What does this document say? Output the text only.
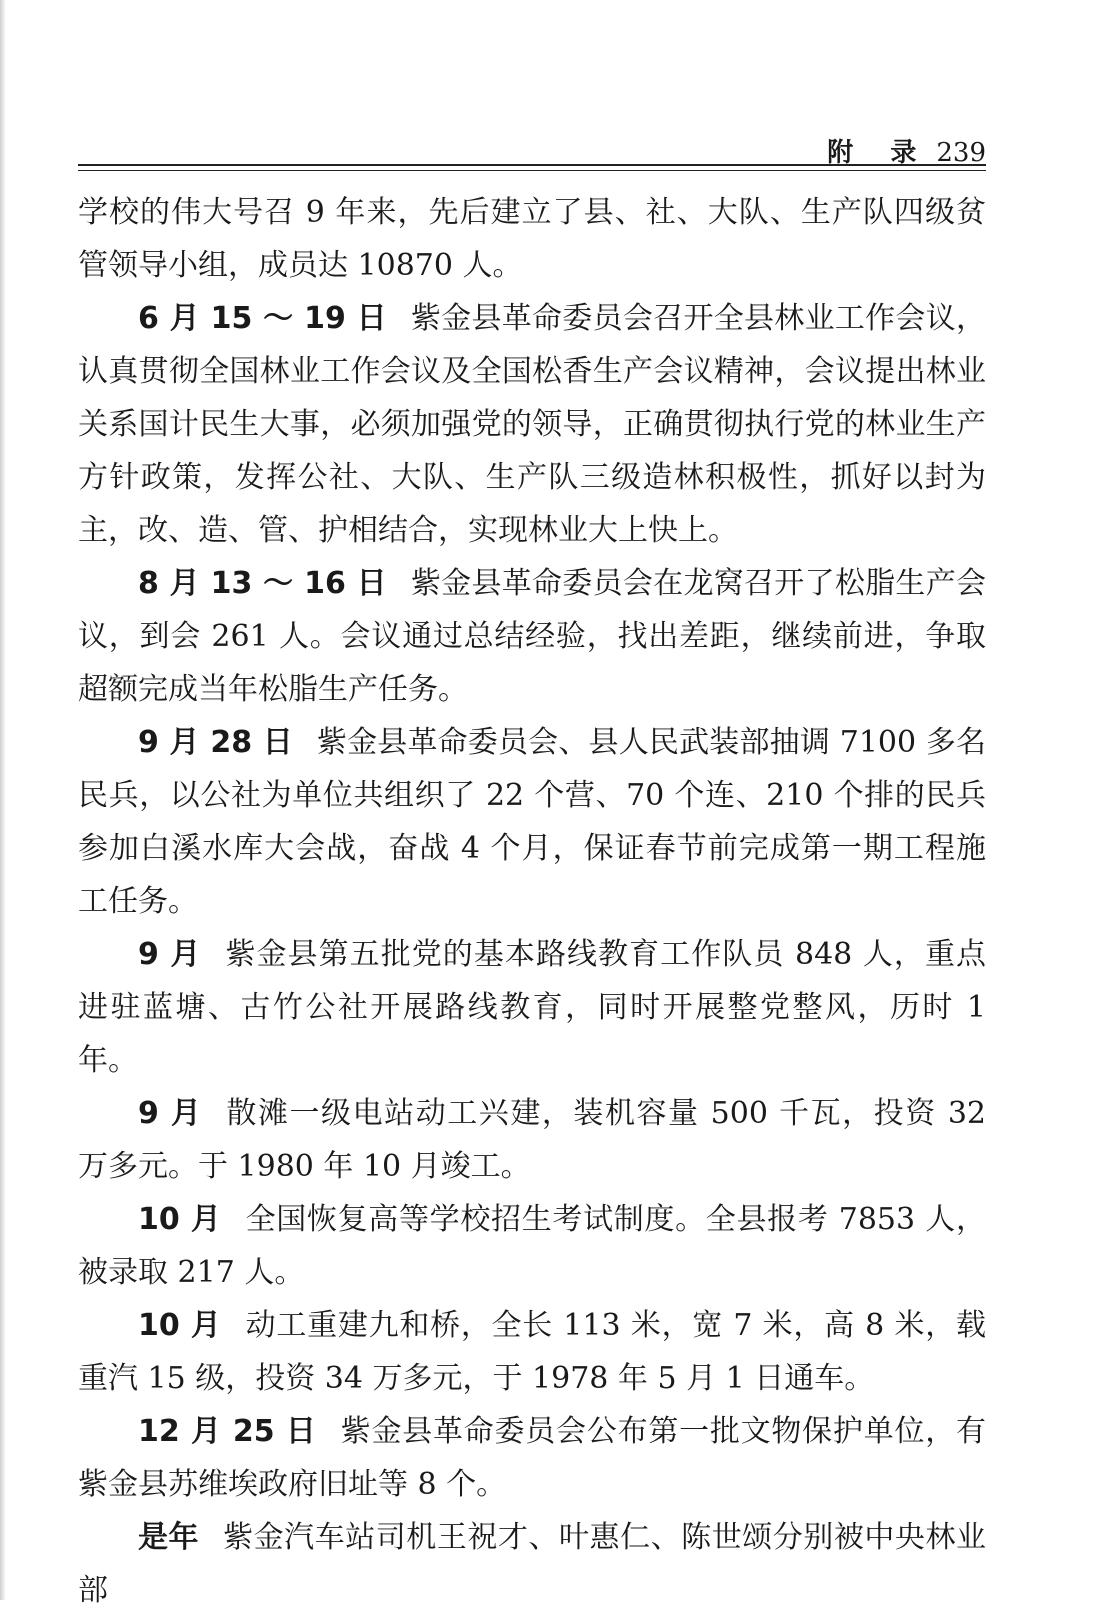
附 录 239

学校的伟大号召 9 年来，先后建立了县、社、大队、生产队四级贫管领导小组，成员达 10870 人。

6 月 15 ～ 19 日 紫金县革命委员会召开全县林业工作会议，认真贯彻全国林业工作会议及全国松香生产会议精神，会议提出林业关系国计民生大事，必须加强党的领导，正确贯彻执行党的林业生产方针政策，发挥公社、大队、生产队三级造林积极性，抓好以封为主，改、造、管、护相结合，实现林业大上快上。

8 月 13 ～ 16 日 紫金县革命委员会在龙窝召开了松脂生产会议，到会 261 人。会议通过总结经验，找出差距，继续前进，争取超额完成当年松脂生产任务。

9 月 28 日 紫金县革命委员会、县人民武装部抽调 7100 多名民兵，以公社为单位共组织了 22 个营、70 个连、210 个排的民兵参加白溪水库大会战，奋战 4 个月，保证春节前完成第一期工程施工任务。

9 月 紫金县第五批党的基本路线教育工作队员 848 人，重点进驻蓝塘、古竹公社开展路线教育，同时开展整党整风，历时 1 年。

9 月 散滩一级电站动工兴建，装机容量 500 千瓦，投资 32 万多元。于 1980 年 10 月竣工。

10 月 全国恢复高等学校招生考试制度。全县报考 7853 人，被录取 217 人。

10 月 动工重建九和桥，全长 113 米，宽 7 米，高 8 米，载重汽 15 级，投资 34 万多元，于 1978 年 5 月 1 日通车。

12 月 25 日 紫金县革命委员会公布第一批文物保护单位，有紫金县苏维埃政府旧址等 8 个。

是年 紫金汽车站司机王祝才、叶惠仁、陈世颂分别被中央林业部
